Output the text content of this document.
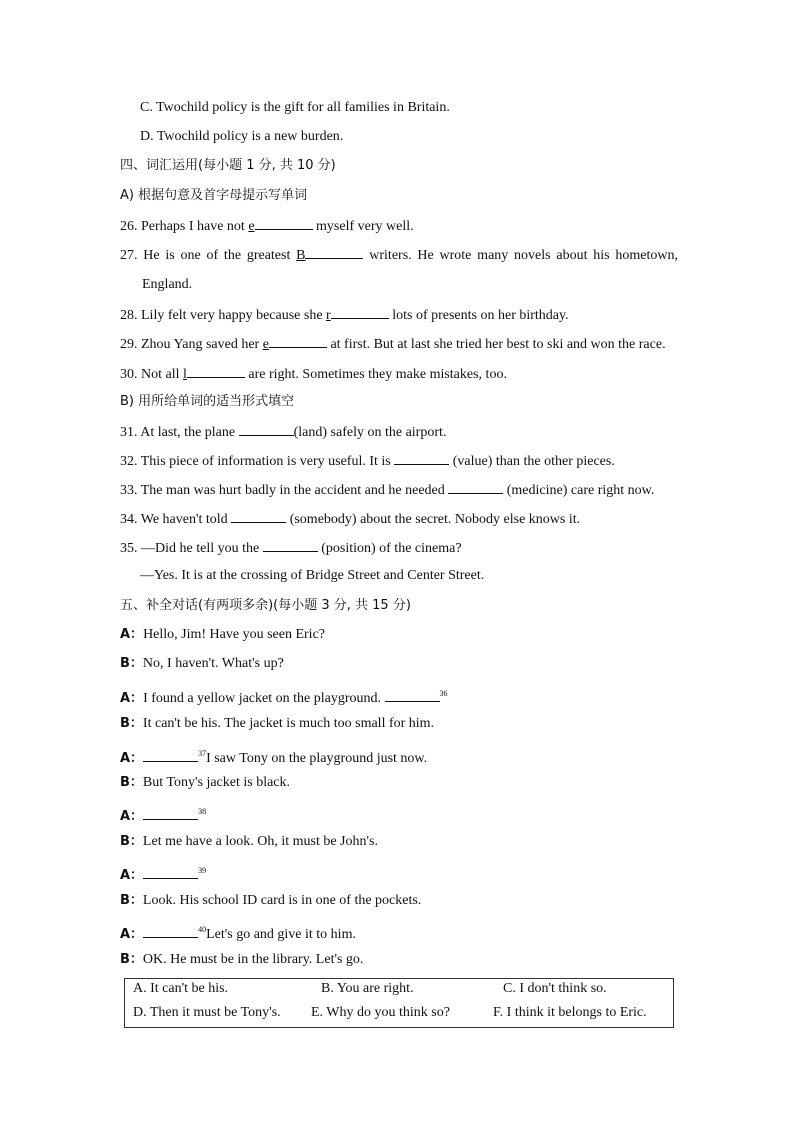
C. Twochild policy is the gift for all families in Britain.
D. Twochild policy is a new burden.
四、词汇运用(每小题 1 分, 共 10 分)
A) 根据句意及首字母提示写单词
26. Perhaps I have not e	myself very well.
27. He is one of the greatest B	writers. He wrote many novels about his hometown,
England.
28. Lily felt very happy because she r	lots of presents on her birthday.
29. Zhou Yang saved her e	at first. But at last she tried her best to ski and won the race.
30. Not all l	are right. Sometimes they make mistakes, too.
B) 用所给单词的适当形式填空
31. At last, the plane	(land) safely on the airport.
32. This piece of information is very useful. It is	(value) than the other pieces.
33. The man was hurt badly in the accident and he needed	(medicine) care right now.
34. We haven't told	(somebody) about the secret. Nobody else knows it.
35. —Did he tell you the	(position) of the cinema?
—Yes. It is at the crossing of Bridge Street and Center Street.
五、补全对话(有两项多余)(每小题 3 分, 共 15 分)
A：Hello, Jim! Have you seen Eric?
B：No, I haven't. What's up?
A：I found a yellow jacket on the playground.	$^{36}$
B：It can't be his. The jacket is much too small for him.
A：	$^{37}$I saw Tony on the playground just now.
B：But Tony's jacket is black.
A：	$^{38}$
B：Let me have a look. Oh, it must be John's.
A：	$^{39}$
B：Look. His school ID card is in one of the pockets.
A：	$^{40}$Let's go and give it to him.
B：OK. He must be in the library. Let's go.
A. It can't be his.	B. You are right.	C. I don't think so.
D. Then it must be Tony's. E. Why do you think so?	F. I think it belongs to Eric.
